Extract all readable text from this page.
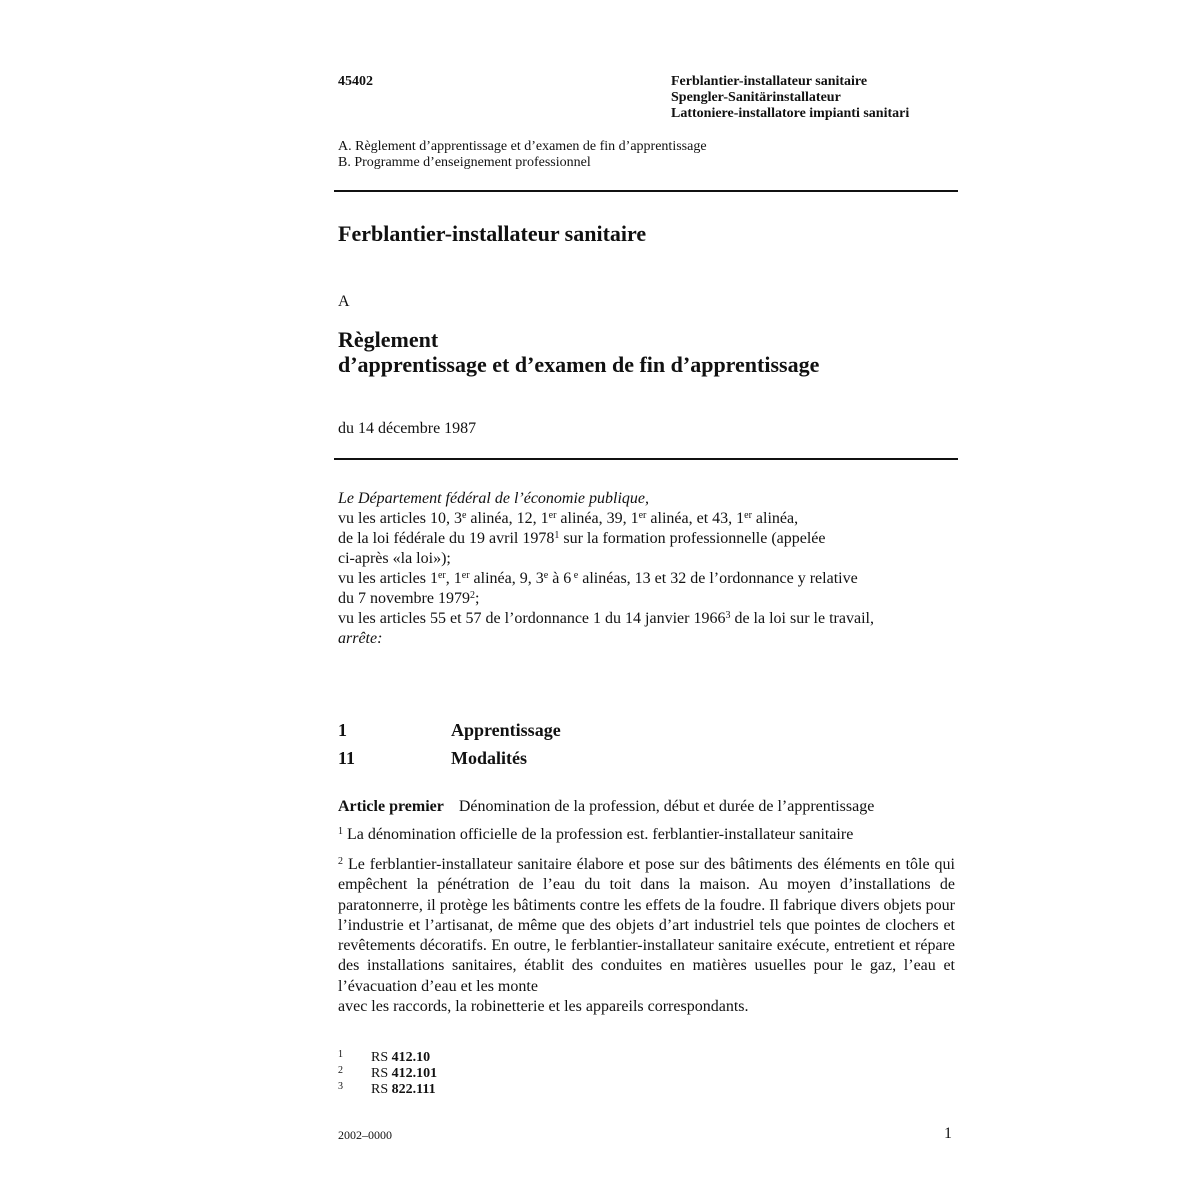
45402	Ferblantier-installateur sanitaire
Spengler-Sanitärinstallateur
Lattoniere-installatore impianti sanitari
A. Règlement d’apprentissage et d’examen de fin d’apprentissage
B. Programme d’enseignement professionnel
Ferblantier-installateur sanitaire
A
Règlement
d’apprentissage et d’examen de fin d’apprentissage
du 14 décembre 1987
Le Département fédéral de l’économie publique,
vu les articles 10, 3e alinéa, 12, 1er alinéa, 39, 1er alinéa, et 43, 1er alinéa,
de la loi fédérale du 19 avril 1978$^1$ sur la formation professionnelle (appelée
ci-après «la loi»);
vu les articles 1er, 1er alinéa, 9, 3e à 6 $^e$ alinéas, 13 et 32 de l’ordonnance y relative
du 7 novembre 1979$^2$;
vu les articles 55 et 57 de l’ordonnance 1 du 14 janvier 1966$^3$ de la loi sur le travail,
arrête:
1	Apprentissage
11	Modalités
Article premier Dénomination de la profession, début et durée de l’apprentissage
$^1$ La dénomination officielle de la profession est. ferblantier-installateur sanitaire
$^2$ Le ferblantier-installateur sanitaire élabore et pose sur des bâtiments des éléments en tôle qui empêchent la pénétration de l’eau du toit dans la maison. Au moyen d’installations de paratonnerre, il protège les bâtiments contre les effets de la foudre. Il fabrique divers objets pour l’industrie et l’artisanat, de même que des objets d’art industriel tels que pointes de clochers et revêtements décoratifs. En outre, le ferblantier-installateur sanitaire exécute, entretient et répare des installations sanitaires, établit des conduites en matières usuelles pour le gaz, l’eau et l’évacuation d’eau et les monte
avec les raccords, la robinetterie et les appareils correspondants.
1 RS 412.10
2 RS 412.101
3 RS 822.111
2002–0000	1
